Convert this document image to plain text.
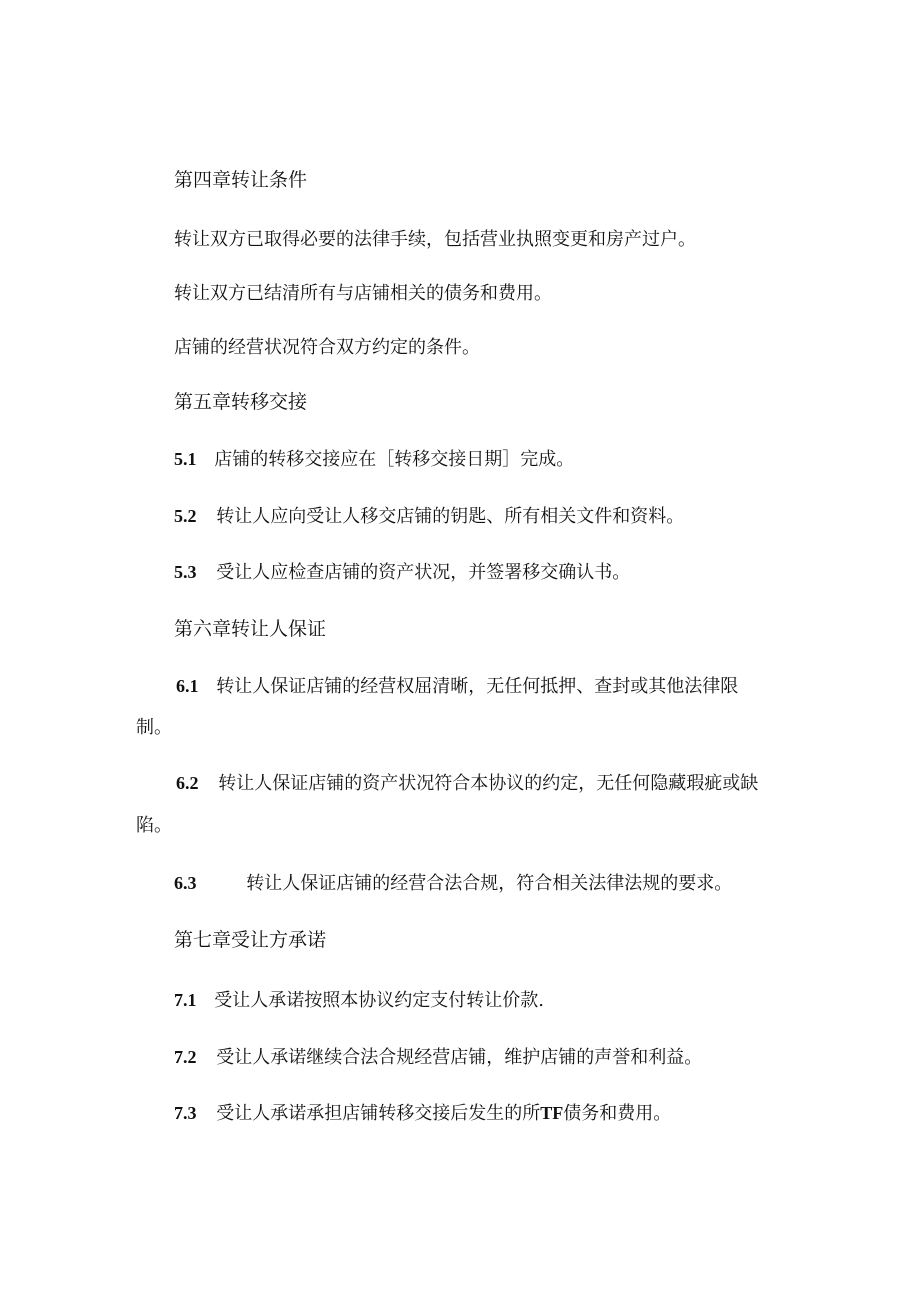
第四章转让条件
转让双方已取得必要的法律手续，包括营业执照变更和房产过户。
转让双方已结清所有与店铺相关的债务和费用。
店铺的经营状况符合双方约定的条件。
第五章转移交接
5.1 店铺的转移交接应在［转移交接日期］完成。
5.2 转让人应向受让人移交店铺的钥匙、所有相关文件和资料。
5.3 受让人应检查店铺的资产状况，并签署移交确认书。
第六章转让人保证
6.1 转让人保证店铺的经营权屈清晰，无任何抵押、查封或其他法律限
制。
6.2 转让人保证店铺的资产状况符合本协议的约定，无任何隐藏瑕疵或缺
陷。
6.3	转让人保证店铺的经营合法合规，符合相关法律法规的要求。
第七章受让方承诺
7.1 受让人承诺按照本协议约定支付转让价款.
7.2 受让人承诺继续合法合规经营店铺，维护店铺的声誉和利益。
7.3 受让人承诺承担店铺转移交接后发生的所TF债务和费用。
